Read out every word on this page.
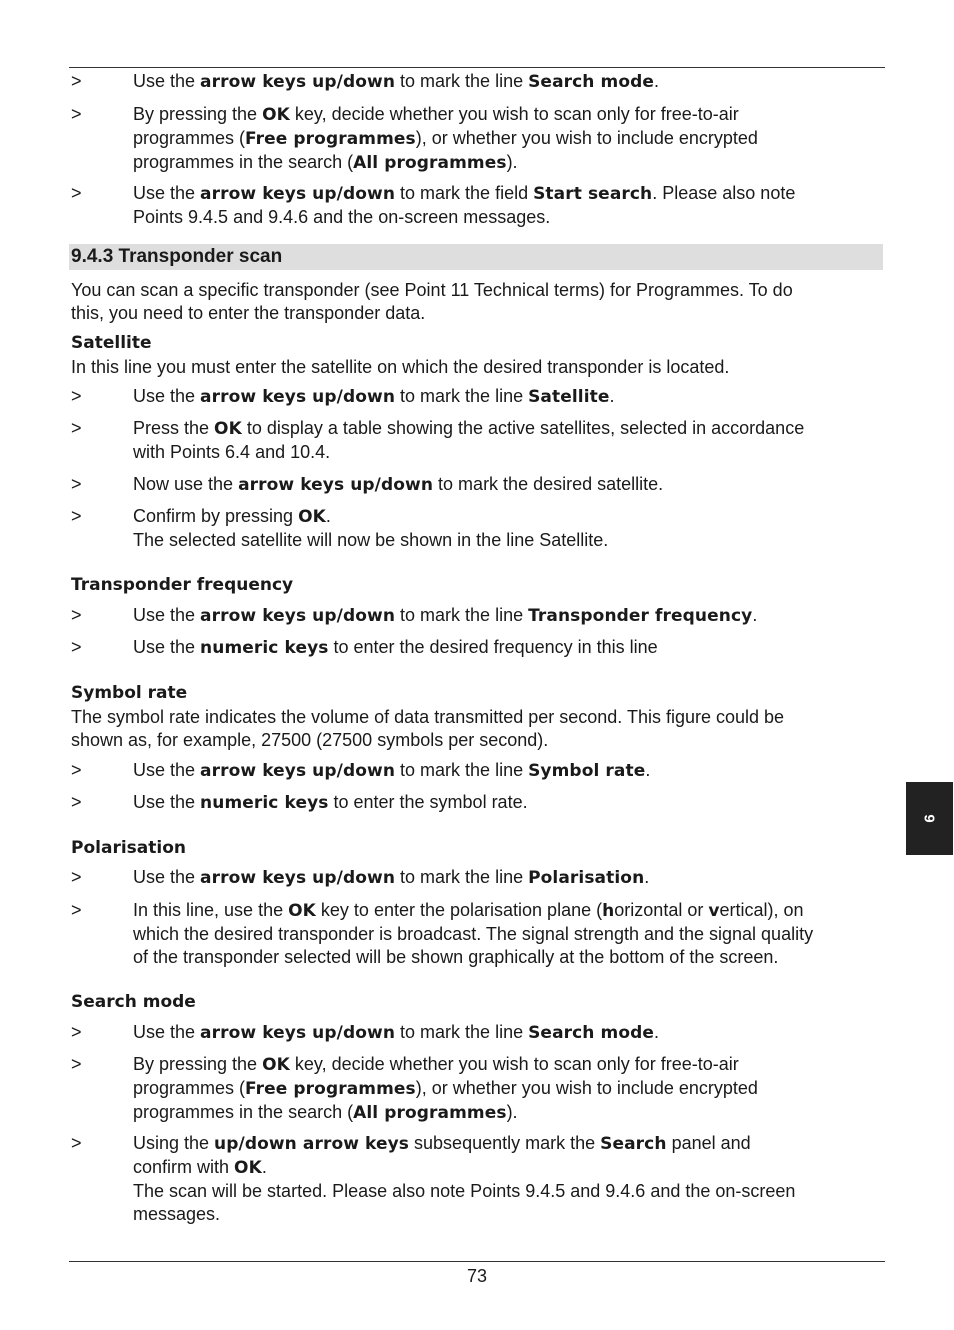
>	Use the arrow keys up/down to mark the line Search mode.
>	By pressing the OK key, decide whether you wish to scan only for free-to-air
programmes (Free programmes), or whether you wish to include encrypted
programmes in the search (All programmes).
>	Use the arrow keys up/down to mark the field Start search. Please also note
Points 9.4.5 and 9.4.6 and the on-screen messages.
9.4.3 Transponder scan
You can scan a specific transponder (see Point 11 Technical terms) for Programmes. To do
this, you need to enter the transponder data.
Satellite
In this line you must enter the satellite on which the desired transponder is located.
>	Use the arrow keys up/down to mark the line Satellite.
>	Press the OK to display a table showing the active satellites, selected in accordance
with Points 6.4 and 10.4.
>	Now use the arrow keys up/down to mark the desired satellite.
>	Confirm by pressing OK.
The selected satellite will now be shown in the line Satellite.
Transponder frequency
>	Use the arrow keys up/down to mark the line Transponder frequency.
>	Use the numeric keys to enter the desired frequency in this line
Symbol rate
The symbol rate indicates the volume of data transmitted per second. This figure could be
shown as, for example, 27500 (27500 symbols per second).
>	Use the arrow keys up/down to mark the line Symbol rate.
>	Use the numeric keys to enter the symbol rate.
Polarisation
>	Use the arrow keys up/down to mark the line Polarisation.
>	In this line, use the OK key to enter the polarisation plane (horizontal or vertical), on
which the desired transponder is broadcast. The signal strength and the signal quality
of the transponder selected will be shown graphically at the bottom of the screen.
Search mode
>	Use the arrow keys up/down to mark the line Search mode.
>	By pressing the OK key, decide whether you wish to scan only for free-to-air
programmes (Free programmes), or whether you wish to include encrypted
programmes in the search (All programmes).
>	Using the up/down arrow keys subsequently mark the Search panel and
confirm with OK.
The scan will be started. Please also note Points 9.4.5 and 9.4.6 and the on-screen
messages.
9
73
